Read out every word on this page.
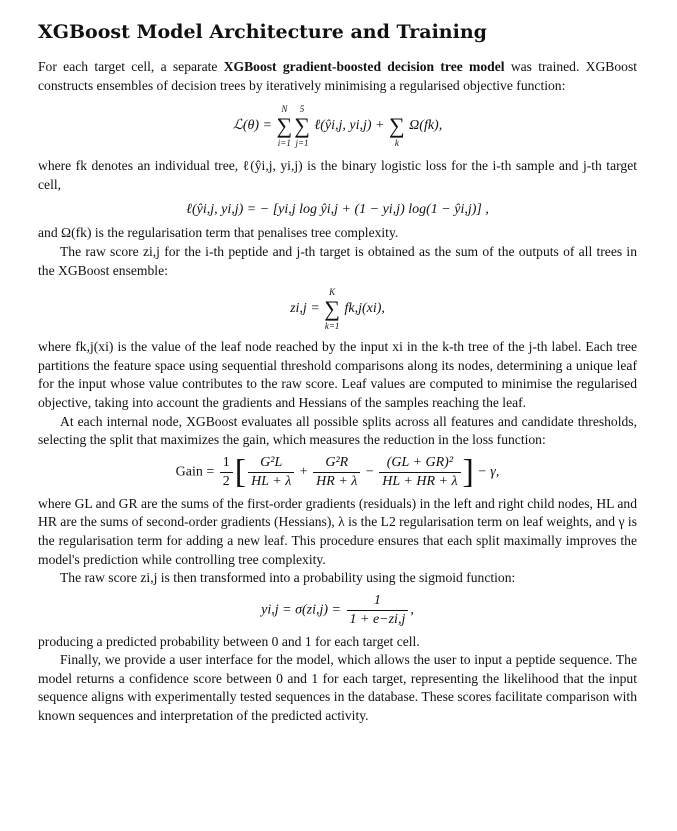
XGBoost Model Architecture and Training

For each target cell, a separate XGBoost gradient-boosted decision tree model was trained. XGBoost constructs ensembles of decision trees by iteratively minimising a regularised objective function:

ℒ(θ) =
N
∑
i=1
5
∑
j=1
ℓ(ŷi,j, yi,j) +
∑
k
Ω(fk),

where fk denotes an individual tree, ℓ(ŷi,j, yi,j) is the binary logistic loss for the i-th sample and j-th target cell,

ℓ(ŷi,j, yi,j) = − [yi,j log ŷi,j + (1 − yi,j) log(1 − ŷi,j)] ,

and Ω(fk) is the regularisation term that penalises tree complexity.

The raw score zi,j for the i-th peptide and j-th target is obtained as the sum of the outputs of all trees in the XGBoost ensemble:

zi,j =
K
∑
k=1
fk,j(xi),

where fk,j(xi) is the value of the leaf node reached by the input xi in the k-th tree of the j-th label. Each tree partitions the feature space using sequential threshold comparisons along its nodes, determining a unique leaf for the input whose value contributes to the raw score. Leaf values are computed to minimise the regularised objective, taking into account the gradients and Hessians of the samples reaching the leaf.

At each internal node, XGBoost evaluates all possible splits across all features and candidate thresholds, selecting the split that maximizes the gain, which measures the reduction in the loss function:

Gain = $\frac{1}{2}$ [ $\frac{\text{G²L}}{HL + \lambda} + \frac{\text{G²R}}{HR + \lambda} - \frac{\text{(GL + GR)²}}{HL + HR + \lambda}$ ] − γ,

where GL and GR are the sums of the first-order gradients (residuals) in the left and right child nodes, HL and HR are the sums of second-order gradients (Hessians), λ is the L2 regularisation term on leaf weights, and γ is the regularisation term for adding a new leaf. This procedure ensures that each split maximally improves the model's prediction while controlling tree complexity.

The raw score zi,j is then transformed into a probability using the sigmoid function:

$yi,j = \sigma(zi,j) = \frac{1}{1 + e-zi,j}$ ,

producing a predicted probability between 0 and 1 for each target cell.

Finally, we provide a user interface for the model, which allows the user to input a peptide sequence. The model returns a confidence score between 0 and 1 for each target, representing the likelihood that the input sequence aligns with experimentally tested sequences in the database. These scores facilitate comparison with known sequences and interpretation of the predicted activity.
